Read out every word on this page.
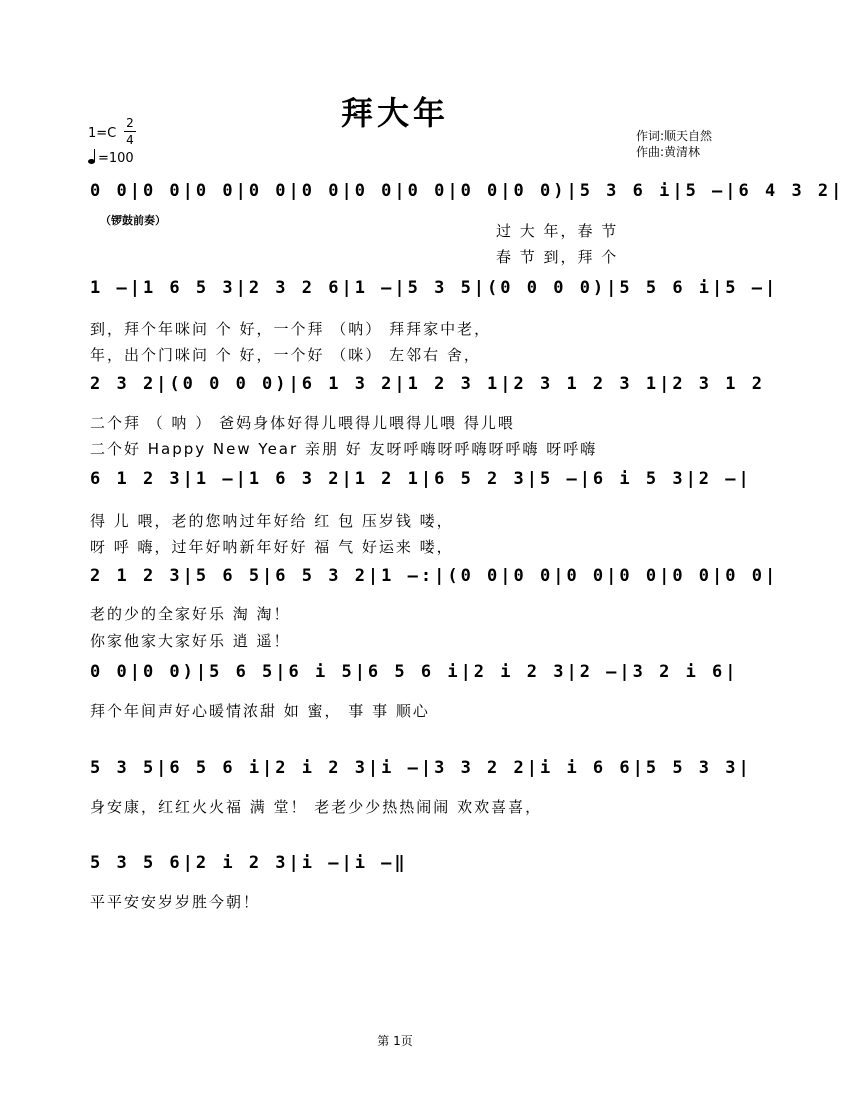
拜大年
1=C
2
4
=100
作词:顺天自然
作曲:黄清林
0 0|0 0|0 0|0 0|0 0|0 0|0 0|0 0|0 0)|5 3 6 i|5 –|6 4 3 2|
（锣鼓前奏）
过 大 年，春 节
春 节 到，拜 个
1 –|1 6 5 3|2 3 2 6|1 –|5 3 5|(0 0 0 0)|5 5 6 i|5 –|
到，拜个年咪问 个 好，一个拜 （呐） 拜拜家中老，
年，出个门咪问 个 好，一个好 （咪） 左邻右 舍，
2 3 2|(0 0 0 0)|6 1 3 2|1 2 3 1|2 3 1 2 3 1|2 3 1 2
二个拜 （ 呐 ） 爸妈身体好得儿喂得儿喂得儿喂 得儿喂
二个好 Happy New Year 亲朋 好 友呀呼嗨呀呼嗨呀呼嗨 呀呼嗨
6 1 2 3|1 –|1 6 3 2|1 2 1|6 5 2 3|5 –|6 i 5 3|2 –|
得 儿 喂，老的您呐过年好给 红 包 压岁钱 喽，
呀 呼 嗨，过年好呐新年好好 福 气 好运来 喽，
2 1 2 3|5 6 5|6 5 3 2|1 –:|(0 0|0 0|0 0|0 0|0 0|0 0|
老的少的全家好乐 淘 淘！
你家他家大家好乐 逍 遥！
0 0|0 0)|5 6 5|6 i 5|6 5 6 i|2 i 2 3|2 –|3 2 i 6|
拜个年间声好心暖情浓甜 如 蜜， 事 事 顺心
5 3 5|6 5 6 i|2 i 2 3|i –|3 3 2 2|i i 6 6|5 5 3 3|
身安康，红红火火福 满 堂！ 老老少少热热闹闹 欢欢喜喜，
5 3 5 6|2 i 2 3|i –|i –‖
平平安安岁岁胜今朝！
第 1页
